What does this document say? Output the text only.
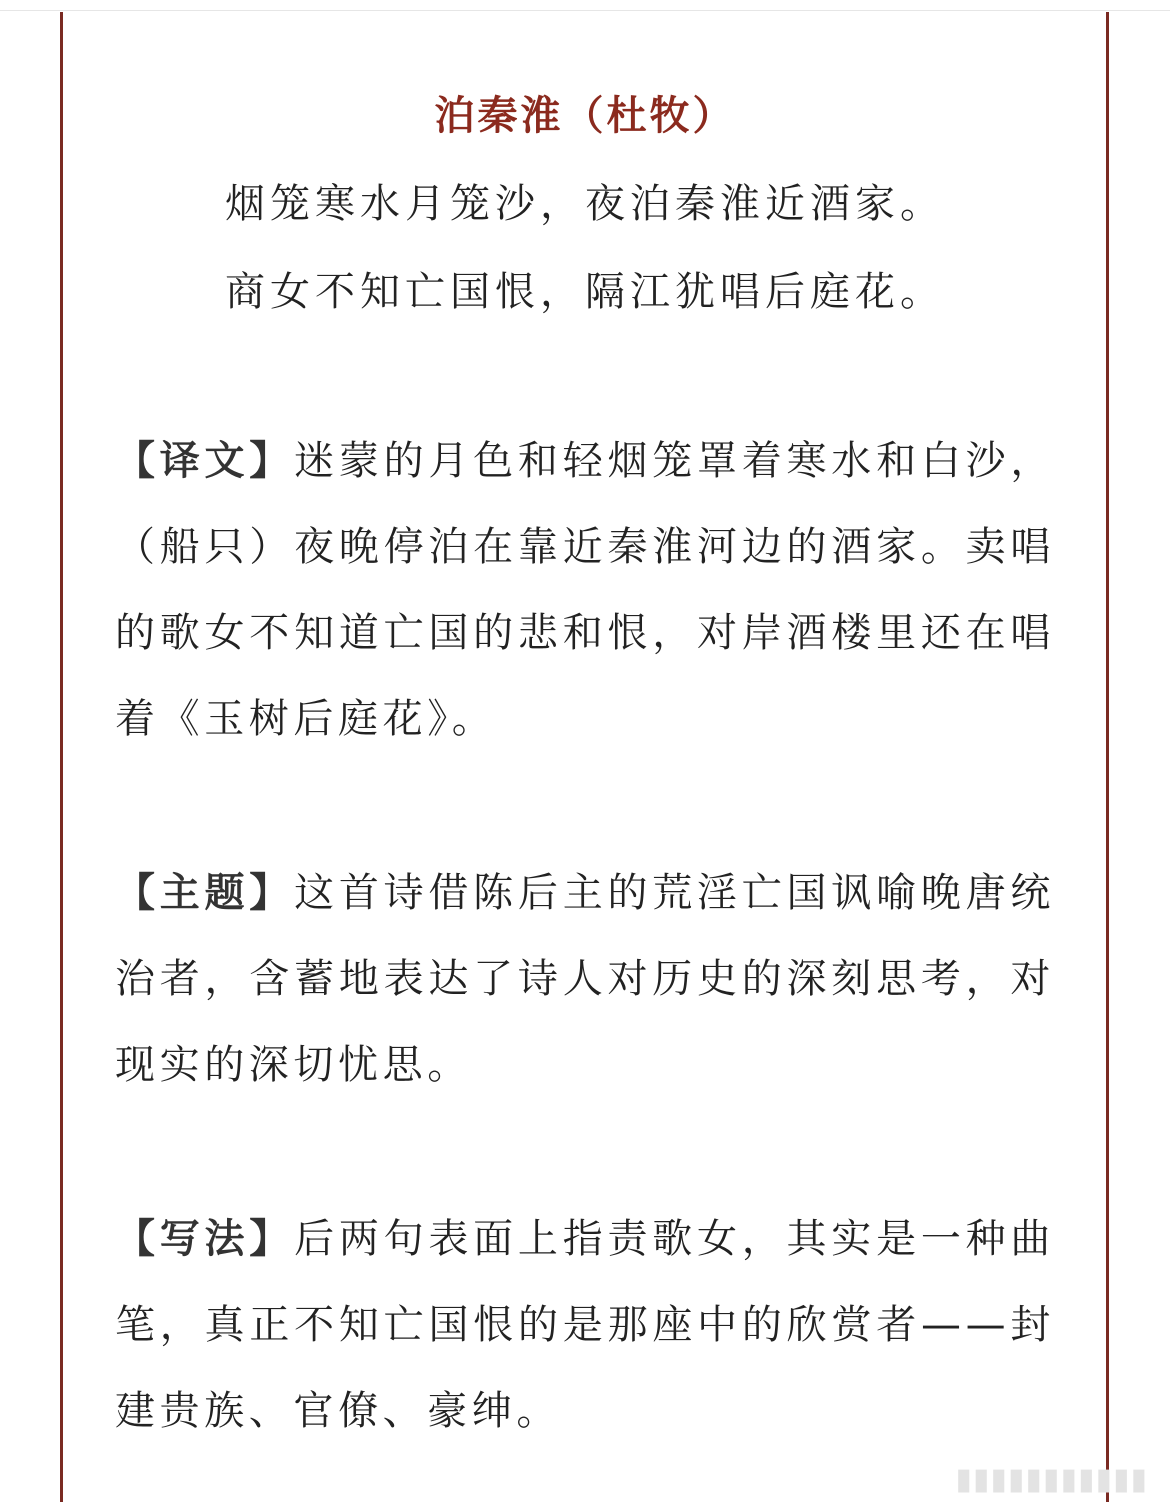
泊秦淮（杜牧）
烟笼寒水月笼沙，夜泊秦淮近酒家。
商女不知亡国恨，隔江犹唱后庭花。

【译文】迷蒙的月色和轻烟笼罩着寒水和白沙，（船只）夜晚停泊在靠近秦淮河边的酒家。卖唱的歌女不知道亡国的悲和恨，对岸酒楼里还在唱着《玉树后庭花》。

【主题】这首诗借陈后主的荒淫亡国讽喻晚唐统治者，含蓄地表达了诗人对历史的深刻思考，对现实的深切忧思。

【写法】后两句表面上指责歌女，其实是一种曲笔，真正不知亡国恨的是那座中的欣赏者——封建贵族、官僚、豪绅。

▮▮▮▮▮▮▮▮▮▮▮
